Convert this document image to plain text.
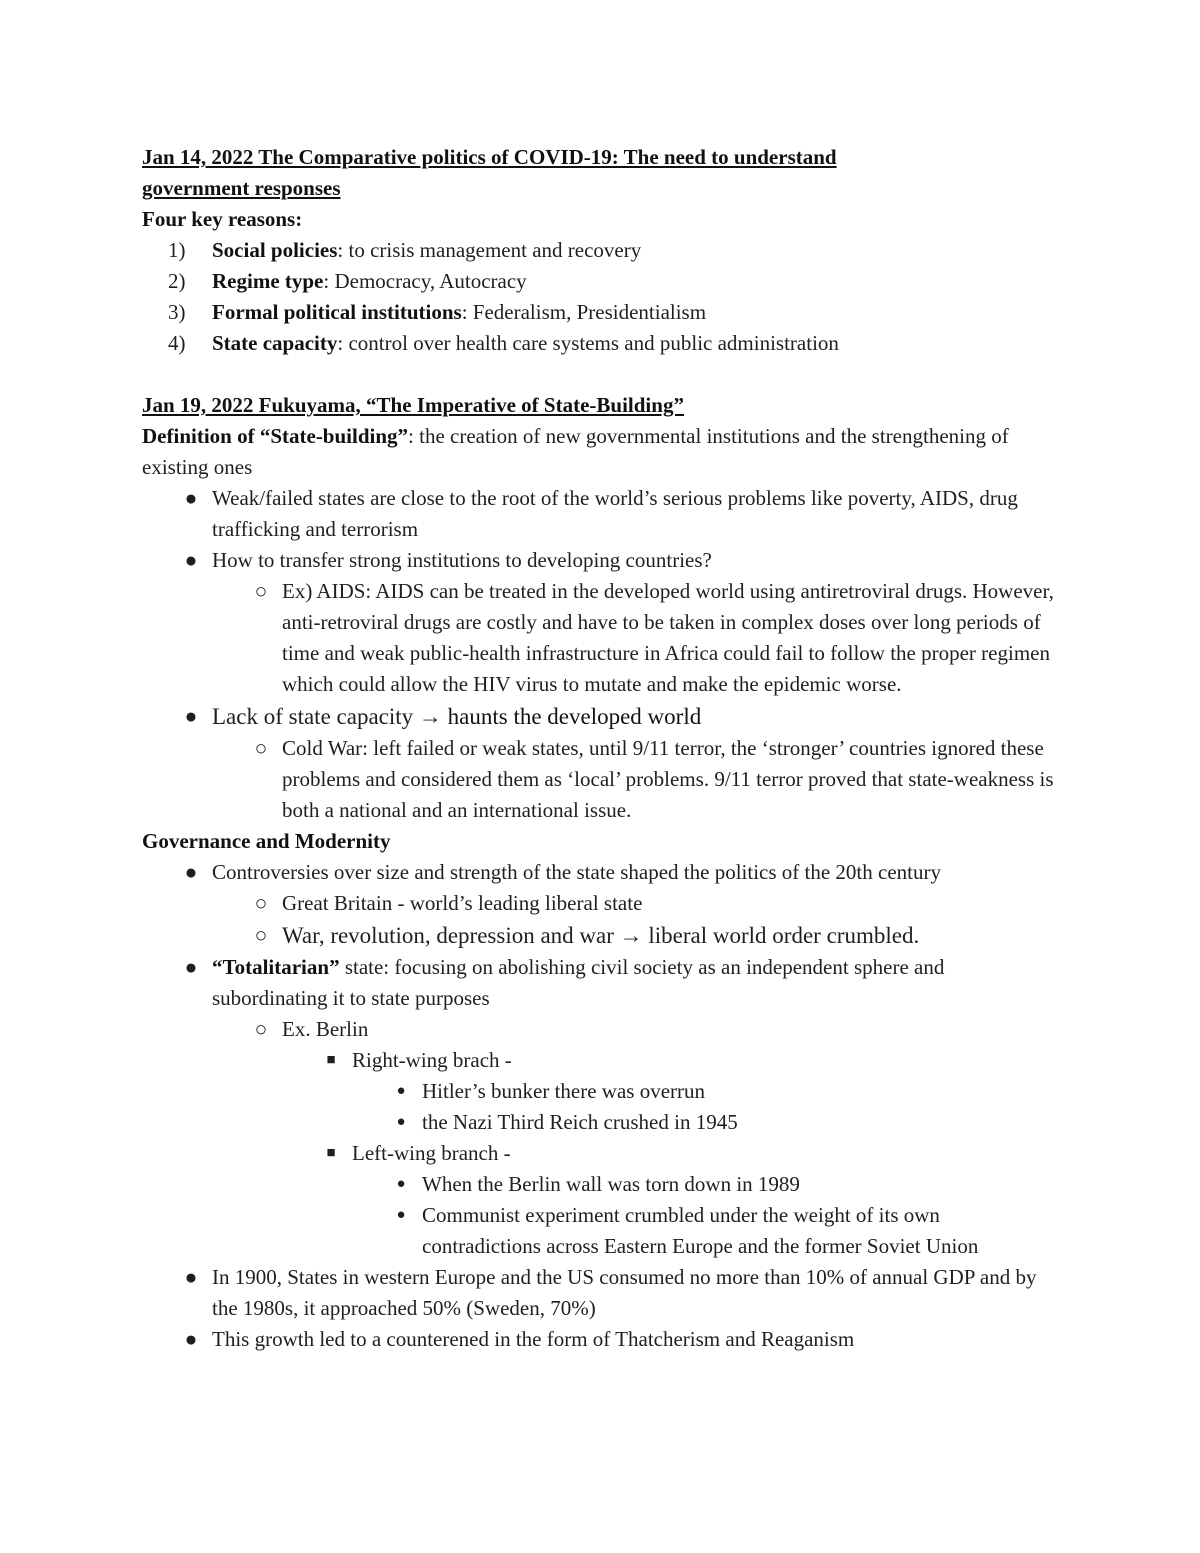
Jan 14, 2022 The Comparative politics of COVID-19: The need to understand
government responses
Four key reasons:
1)	Social policies: to crisis management and recovery
2)	Regime type: Democracy, Autocracy
3)	Formal political institutions: Federalism, Presidentialism
4)	State capacity: control over health care systems and public administration
Jan 19, 2022 Fukuyama, “The Imperative of State-Building”
Definition of “State-building”: the creation of new governmental institutions and the strengthening of existing ones
● Weak/failed states are close to the root of the world’s serious problems like poverty, AIDS, drug trafficking and terrorism
● How to transfer strong institutions to developing countries?
○ Ex) AIDS: AIDS can be treated in the developed world using antiretroviral drugs. However, anti-retroviral drugs are costly and have to be taken in complex doses over long periods of time and weak public-health infrastructure in Africa could fail to follow the proper regimen which could allow the HIV virus to mutate and make the epidemic worse.
● Lack of state capacity → haunts the developed world
○ Cold War: left failed or weak states, until 9/11 terror, the ‘stronger’ countries ignored these problems and considered them as ‘local’ problems. 9/11 terror proved that state-weakness is both a national and an international issue.
Governance and Modernity
● Controversies over size and strength of the state shaped the politics of the 20th century
○ Great Britain - world’s leading liberal state
○ War, revolution, depression and war → liberal world order crumbled.
● “Totalitarian” state: focusing on abolishing civil society as an independent sphere and subordinating it to state purposes
○ Ex. Berlin
■ Right-wing brach -
● Hitler’s bunker there was overrun
● the Nazi Third Reich crushed in 1945
■ Left-wing branch -
● When the Berlin wall was torn down in 1989
● Communist experiment crumbled under the weight of its own contradictions across Eastern Europe and the former Soviet Union
● In 1900, States in western Europe and the US consumed no more than 10% of annual GDP and by the 1980s, it approached 50% (Sweden, 70%)
● This growth led to a counterened in the form of Thatcherism and Reaganism
